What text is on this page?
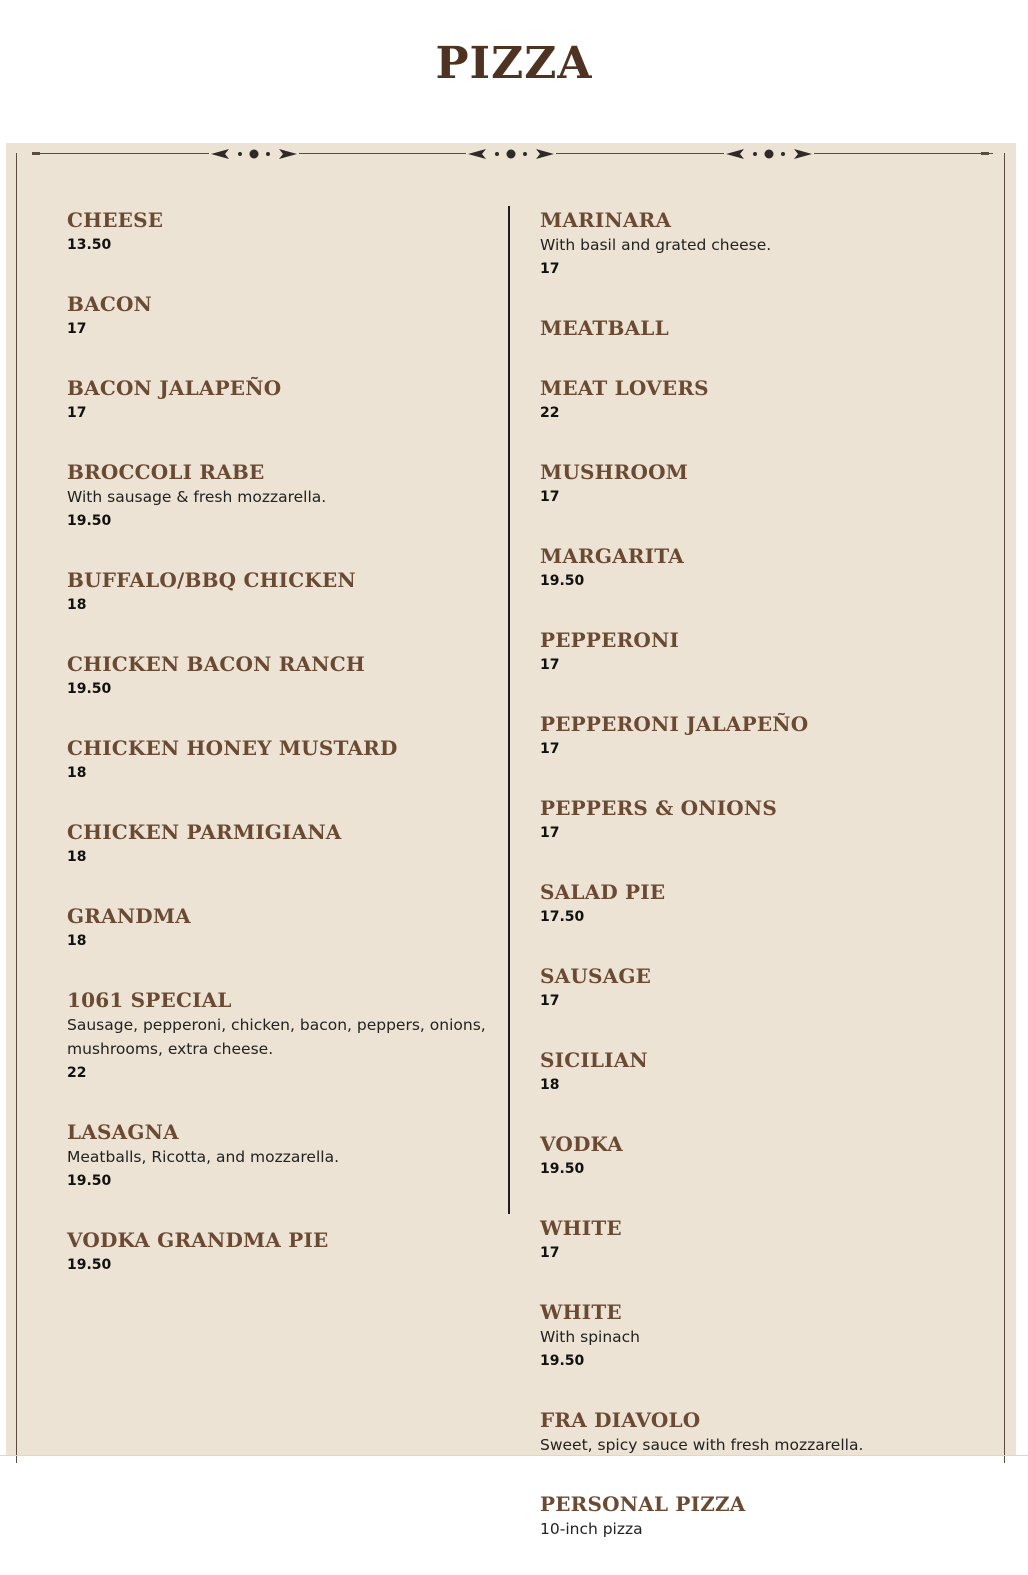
PIZZA
CHEESE
13.50
BACON
17
BACON JALAPEÑO
17
BROCCOLI RABE
With sausage & fresh mozzarella.
19.50
BUFFALO/BBQ CHICKEN
18
CHICKEN BACON RANCH
19.50
CHICKEN HONEY MUSTARD
18
CHICKEN PARMIGIANA
18
GRANDMA
18
1061 SPECIAL
Sausage, pepperoni, chicken, bacon, peppers, onions, mushrooms, extra cheese.
22
LASAGNA
Meatballs, Ricotta, and mozzarella.
19.50
VODKA GRANDMA PIE
19.50
MARINARA
With basil and grated cheese.
17
MEATBALL
MEAT LOVERS
22
MUSHROOM
17
MARGARITA
19.50
PEPPERONI
17
PEPPERONI JALAPEÑO
17
PEPPERS & ONIONS
17
SALAD PIE
17.50
SAUSAGE
17
SICILIAN
18
VODKA
19.50
WHITE
17
WHITE
With spinach
19.50
FRA DIAVOLO
Sweet, spicy sauce with fresh mozzarella.
PERSONAL PIZZA
10-inch pizza
